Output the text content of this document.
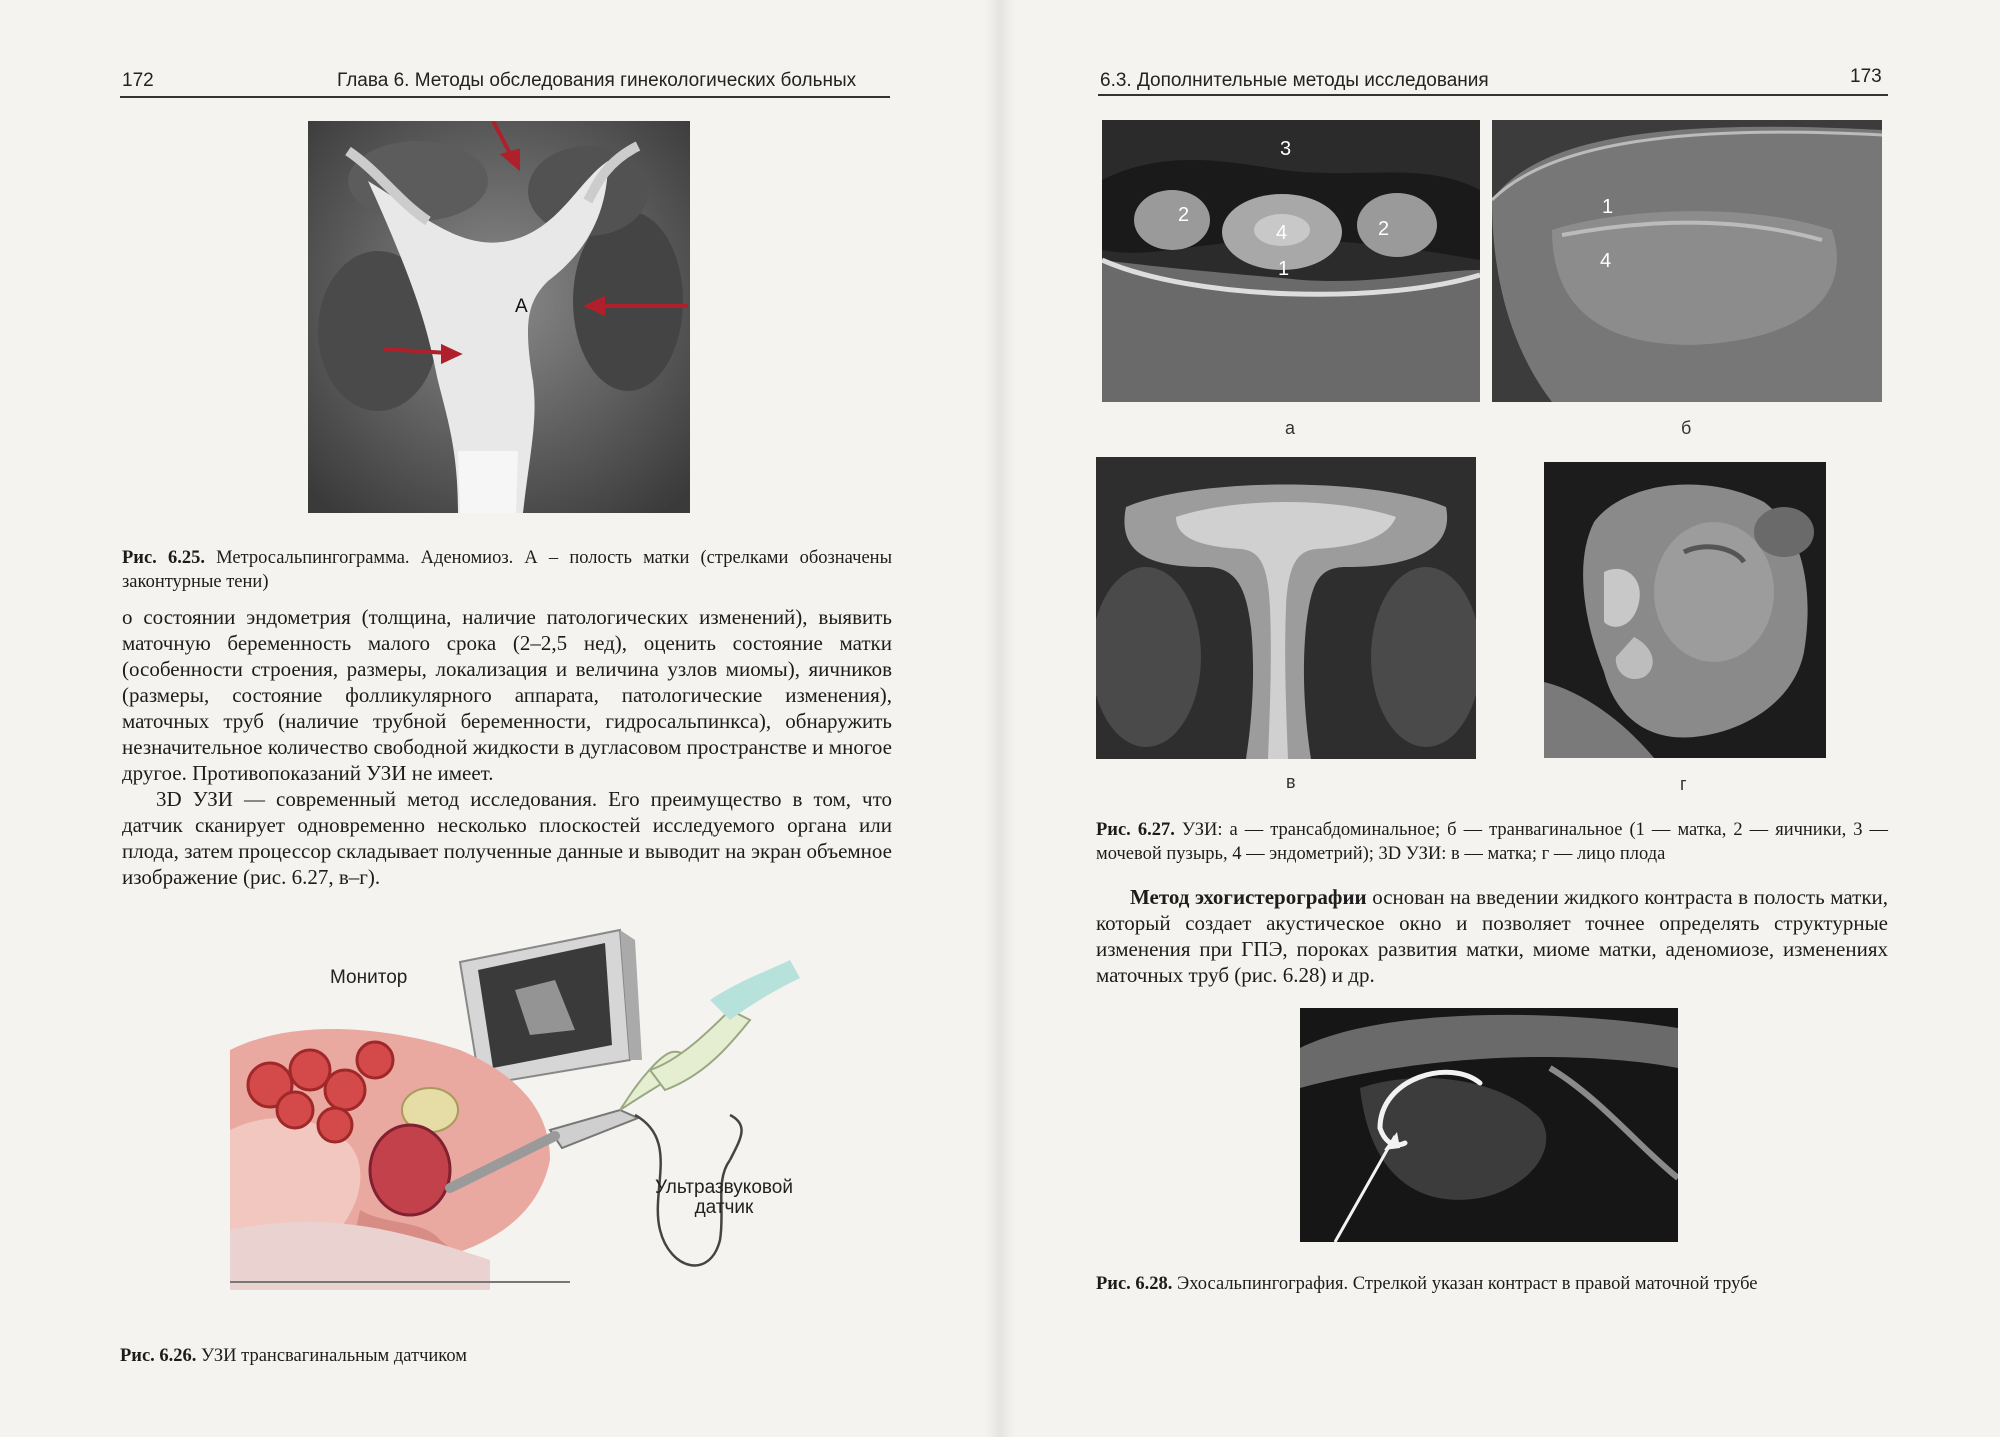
172	Глава 6. Методы обследования гинекологических больных
А
Рис. 6.25. Метросальпингограмма. Аденомиоз. А – полость матки (стрелками обозначены законтурные тени)

о состоянии эндометрия (толщина, наличие патологических изменений), выявить маточную беременность малого срока (2–2,5 нед), оценить состояние матки (особенности строения, размеры, локализация и величина узлов миомы), яичников (размеры, состояние фолликулярного аппарата, патологические изменения), маточных труб (наличие трубной беременности, гидросальпинкса), обнаружить незначительное количество свободной жидкости в дугласовом пространстве и многое другое. Противопоказаний УЗИ не имеет.

3D УЗИ — современный метод исследования. Его преимущество в том, что датчик сканирует одновременно несколько плоскостей исследуемого органа или плода, затем процессор складывает полученные данные и выводит на экран объемное изображение (рис. 6.27, в–г).

Монитор
Ультразвуковой
датчик
Рис. 6.26. УЗИ трансвагинальным датчиком
6.3. Дополнительные методы исследования	173
3
2
4
1
2
а
1
4
б
в	г
Рис. 6.27. УЗИ: а — трансабдоминальное; б — транвагинальное (1 — матка, 2 — яичники, 3 — мочевой пузырь, 4 — эндометрий); 3D УЗИ: в — матка; г — лицо плода

Метод эхогистерографии основан на введении жидкого контраста в полость матки, который создает акустическое окно и позволяет точнее определять структурные изменения при ГПЭ, пороках развития матки, миоме матки, аденомиозе, изменениях маточных труб (рис. 6.28) и др.

Рис. 6.28. Эхосальпингография. Стрелкой указан контраст в правой маточной трубе
